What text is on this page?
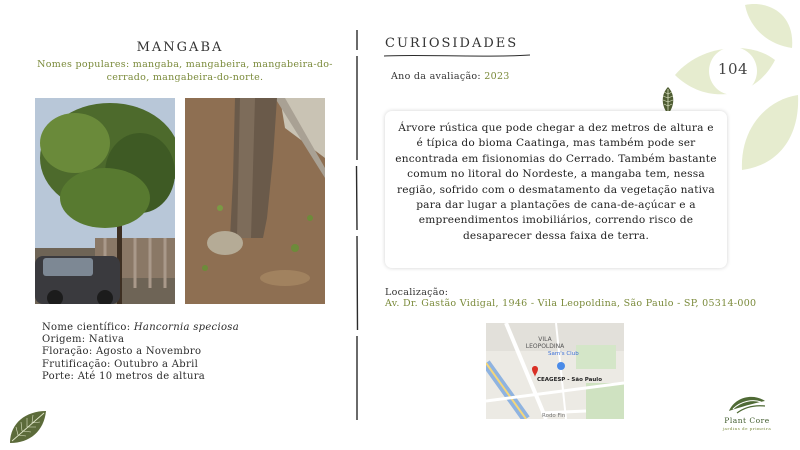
104
MANGABA
Nomes populares: mangaba, mangabeira, mangabeira-do-cerrado, mangabeira-do-norte.
Nome científico: Hancornia speciosa
Origem: Nativa
Floração: Agosto a Novembro
Frutificação: Outubro a Abril
Porte: Até 10 metros de altura
CURIOSIDADES
Ano da avaliação: 2023
Árvore rústica que pode chegar a dez metros de altura e é típica do bioma Caatinga, mas também pode ser encontrada em fisionomias do Cerrado. Também bastante comum no litoral do Nordeste, a mangaba tem, nessa região, sofrido com o desmatamento da vegetação nativa para dar lugar a plantações de cana-de-açúcar e a empreendimentos imobiliários, correndo risco de desaparecer dessa faixa de terra.
Localização:
Av. Dr. Gastão Vidigal, 1946 - Vila Leopoldina, São Paulo - SP, 05314-000
VILA LEOPOLDINA
Sam's Club
CEAGESP - São Paulo
Rodo Fin	Plant Core
jardins de primeira
